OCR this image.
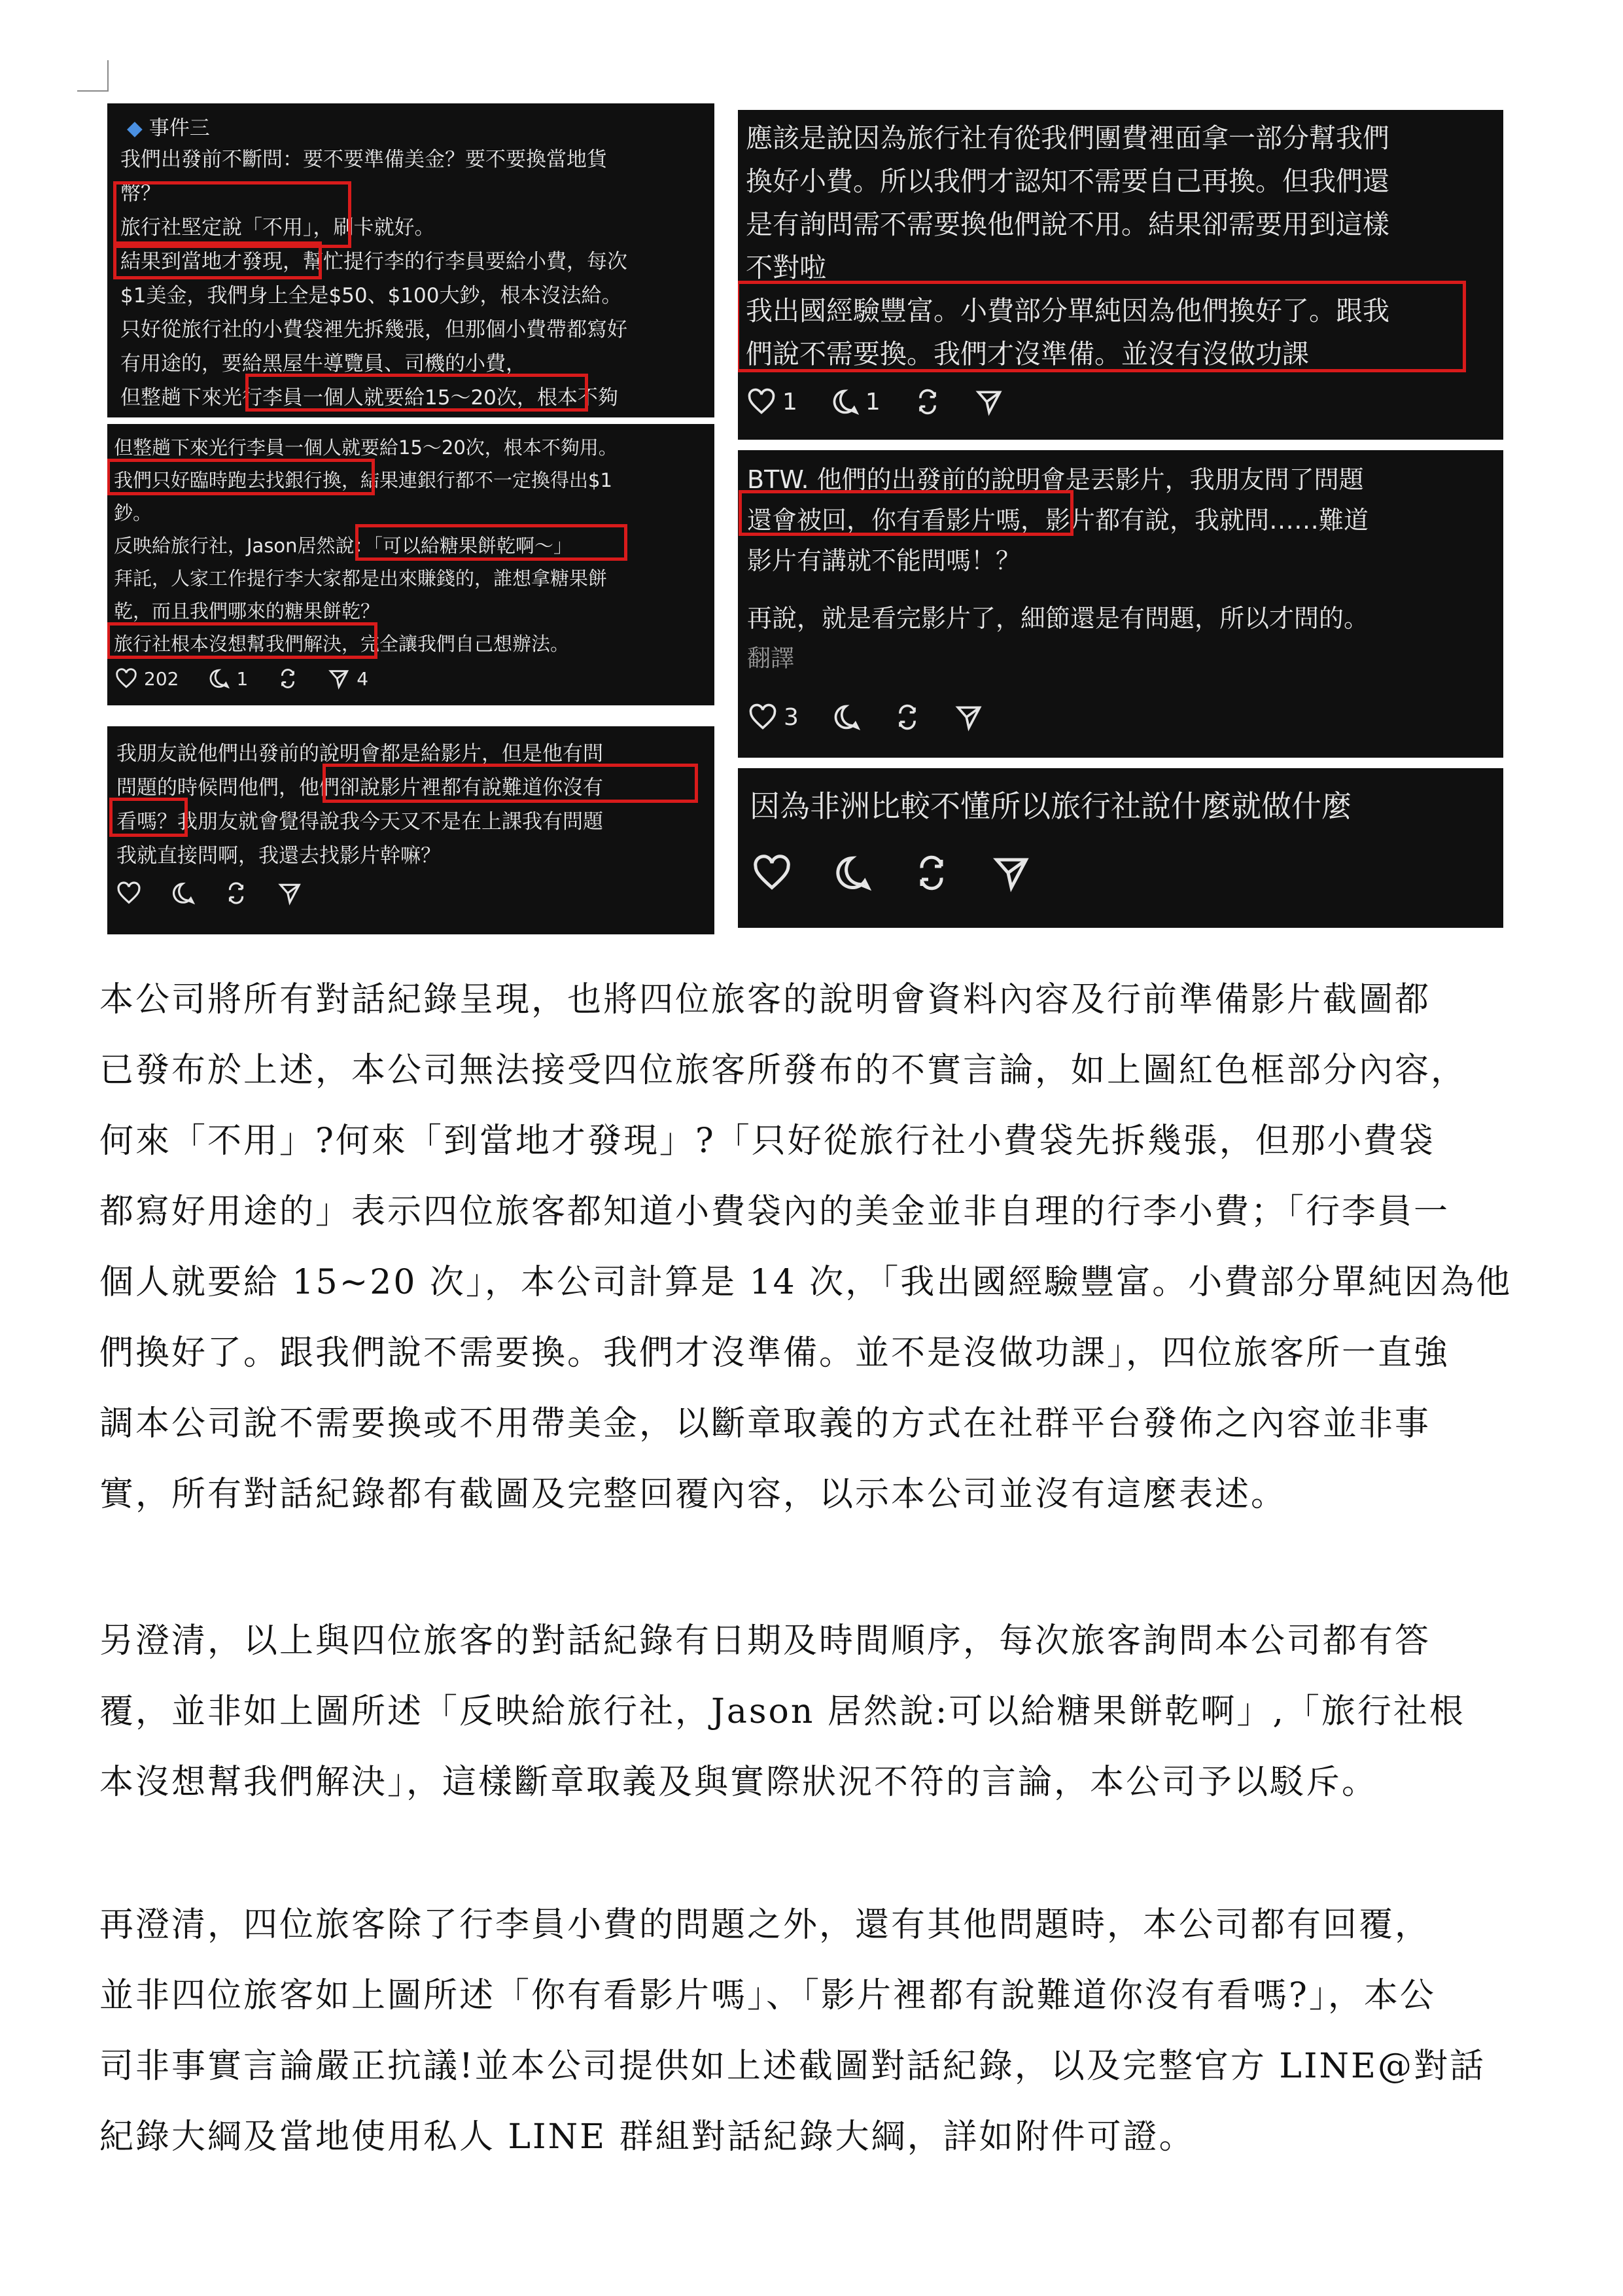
◆ 事件三
我們出發前不斷問：要不要準備美金？要不要換當地貨
幣？
旅行社堅定說「不用」，刷卡就好。
結果到當地才發現，幫忙提行李的行李員要給小費，每次
$1美金，我們身上全是$50、$100大鈔，根本沒法給。
只好從旅行社的小費袋裡先拆幾張，但那個小費帶都寫好
有用途的，要給黑屋牛導覽員、司機的小費，
但整趟下來光行李員一個人就要給15～20次，根本不夠
但整趟下來光行李員一個人就要給15～20次，根本不夠用。
我們只好臨時跑去找銀行換，結果連銀行都不一定換得出$1
鈔。
反映給旅行社，Jason居然說：「可以給糖果餅乾啊～」
拜託，人家工作提行李大家都是出來賺錢的，誰想拿糖果餅
乾，而且我們哪來的糖果餅乾？
旅行社根本沒想幫我們解決，完全讓我們自己想辦法。
202	1	4
我朋友說他們出發前的說明會都是給影片，但是他有問
問題的時候問他們，他們卻說影片裡都有說難道你沒有
看嗎？我朋友就會覺得說我今天又不是在上課我有問題
我就直接問啊，我還去找影片幹嘛？
應該是說因為旅行社有從我們團費裡面拿一部分幫我們
換好小費。所以我們才認知不需要自己再換。但我們還
是有詢問需不需要換他們說不用。結果卻需要用到這樣
不對啦
我出國經驗豐富。小費部分單純因為他們換好了。跟我
們說不需要換。我們才沒準備。並沒有沒做功課
1	1
BTW. 他們的出發前的說明會是丟影片，我朋友問了問題
還會被回，你有看影片嗎，影片都有說，我就問……難道
影片有講就不能問嗎！？
再說，就是看完影片了，細節還是有問題，所以才問的。
翻譯
3
因為非洲比較不懂所以旅行社說什麼就做什麼
本公司將所有對話紀錄呈現，也將四位旅客的說明會資料內容及行前準備影片截圖都
已發布於上述，本公司無法接受四位旅客所發布的不實言論，如上圖紅色框部分內容，
何來「不用」?何來「到當地才發現」?「只好從旅行社小費袋先拆幾張，但那小費袋
都寫好用途的」表示四位旅客都知道小費袋內的美金並非自理的行李小費；「行李員一
個人就要給 15~20 次」，本公司計算是 14 次，「我出國經驗豐富。小費部分單純因為他
們換好了。跟我們說不需要換。我們才沒準備。並不是沒做功課」，四位旅客所一直強
調本公司說不需要換或不用帶美金，以斷章取義的方式在社群平台發佈之內容並非事
實，所有對話紀錄都有截圖及完整回覆內容，以示本公司並沒有這麼表述。
另澄清，以上與四位旅客的對話紀錄有日期及時間順序，每次旅客詢問本公司都有答
覆，並非如上圖所述「反映給旅行社，Jason 居然說:可以給糖果餅乾啊」,「旅行社根
本沒想幫我們解決」，這樣斷章取義及與實際狀況不符的言論，本公司予以駁斥。
再澄清，四位旅客除了行李員小費的問題之外，還有其他問題時，本公司都有回覆，
並非四位旅客如上圖所述「你有看影片嗎」、「影片裡都有說難道你沒有看嗎?」，本公
司非事實言論嚴正抗議!並本公司提供如上述截圖對話紀錄，以及完整官方 LINE@對話
紀錄大綱及當地使用私人 LINE 群組對話紀錄大綱，詳如附件可證。
